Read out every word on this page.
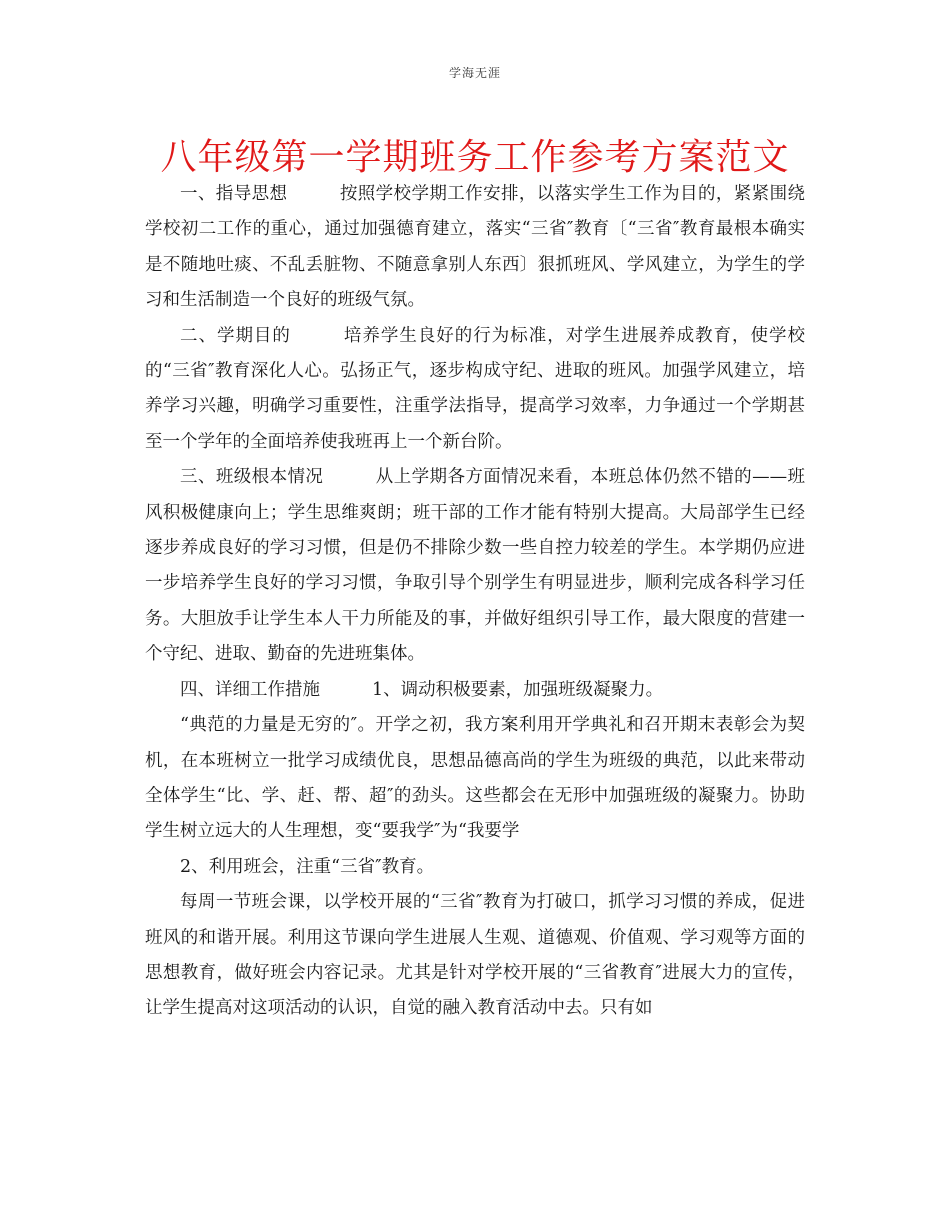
学海无涯
八年级第一学期班务工作参考方案范文

一、指导思想	按照学校学期工作安排，以落实学生工作为目的，紧紧围绕学校初二工作的重心，通过加强德育建立，落实“三省″教育〔“三省″教育最根本确实是不随地吐痰、不乱丢脏物、不随意拿别人东西〕狠抓班风、学风建立，为学生的学习和生活制造一个良好的班级气氛。

二、学期目的	培养学生良好的行为标准，对学生进展养成教育，使学校的“三省″教育深化人心。弘扬正气，逐步构成守纪、进取的班风。加强学风建立，培养学习兴趣，明确学习重要性，注重学法指导，提高学习效率，力争通过一个学期甚至一个学年的全面培养使我班再上一个新台阶。

三、班级根本情况	从上学期各方面情况来看，本班总体仍然不错的——班风积极健康向上；学生思维爽朗；班干部的工作才能有特别大提高。大局部学生已经逐步养成良好的学习习惯，但是仍不排除少数一些自控力较差的学生。本学期仍应进一步培养学生良好的学习习惯，争取引导个别学生有明显进步，顺利完成各科学习任务。大胆放手让学生本人干力所能及的事，并做好组织引导工作，最大限度的营建一个守纪、进取、勤奋的先进班集体。

四、详细工作措施	1、调动积极要素，加强班级凝聚力。

“典范的力量是无穷的″。开学之初，我方案利用开学典礼和召开期末表彰会为契机，在本班树立一批学习成绩优良，思想品德高尚的学生为班级的典范，以此来带动全体学生“比、学、赶、帮、超″的劲头。这些都会在无形中加强班级的凝聚力。协助学生树立远大的人生理想，变“要我学″为“我要学

2、利用班会，注重“三省″教育。

每周一节班会课，以学校开展的“三省″教育为打破口，抓学习习惯的养成，促进班风的和谐开展。利用这节课向学生进展人生观、道德观、价值观、学习观等方面的思想教育，做好班会内容记录。尤其是针对学校开展的“三省教育″进展大力的宣传，让学生提高对这项活动的认识，自觉的融入教育活动中去。只有如
